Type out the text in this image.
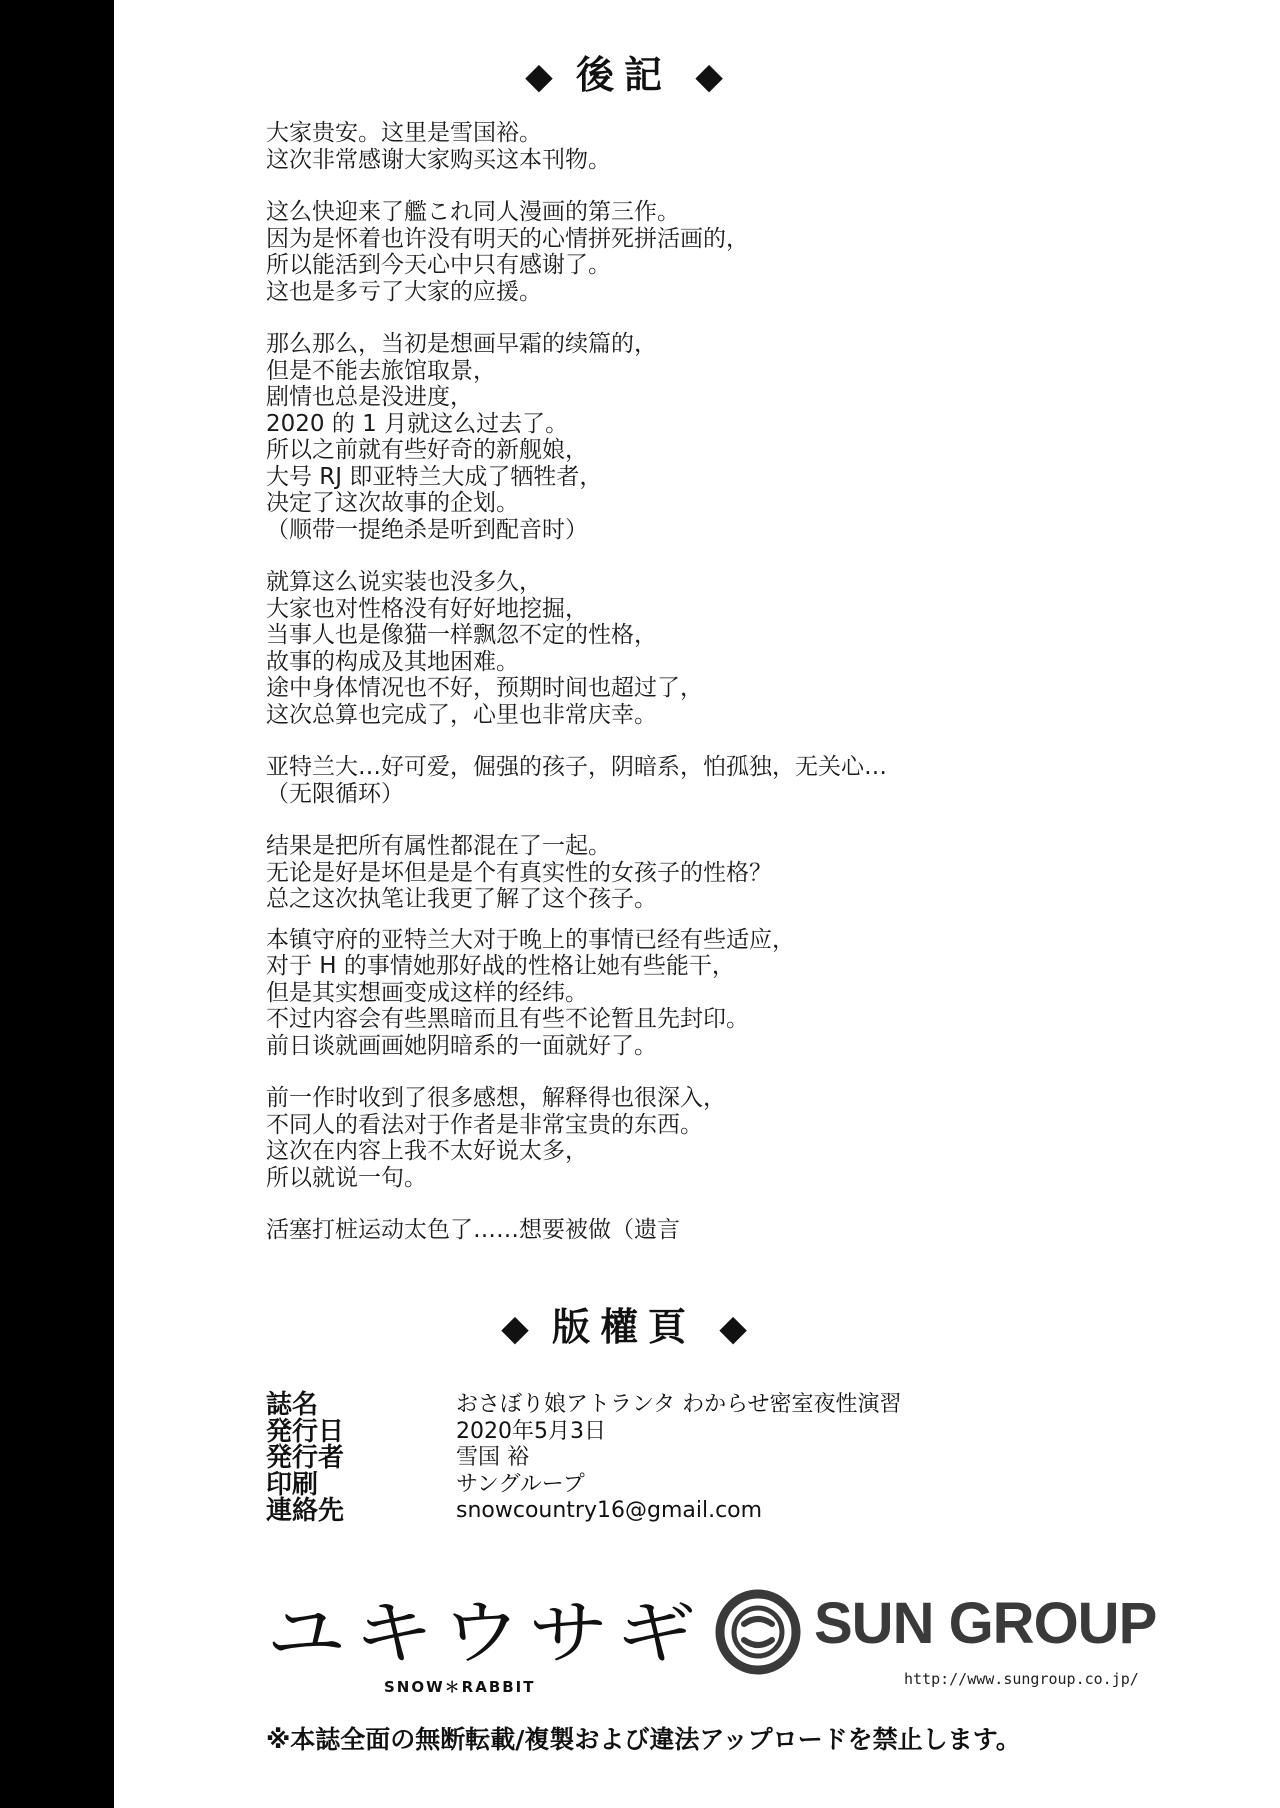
◆ 後記 ◆
大家贵安。这里是雪国裕。
这次非常感谢大家购买这本刊物。
这么快迎来了艦これ同人漫画的第三作。
因为是怀着也许没有明天的心情拼死拼活画的，
所以能活到今天心中只有感谢了。
这也是多亏了大家的应援。
那么那么，当初是想画早霜的续篇的，
但是不能去旅馆取景，
剧情也总是没进度，
2020 的 1 月就这么过去了。
所以之前就有些好奇的新舰娘，
大号 RJ 即亚特兰大成了牺牲者，
决定了这次故事的企划。
（顺带一提绝杀是听到配音时）
就算这么说实装也没多久，
大家也对性格没有好好地挖掘，
当事人也是像猫一样飘忽不定的性格，
故事的构成及其地困难。
途中身体情况也不好，预期时间也超过了，
这次总算也完成了，心里也非常庆幸。
亚特兰大…好可爱，倔强的孩子，阴暗系，怕孤独，无关心…
（无限循环）
结果是把所有属性都混在了一起。
无论是好是坏但是是个有真实性的女孩子的性格？
总之这次执笔让我更了解了这个孩子。
本镇守府的亚特兰大对于晚上的事情已经有些适应，
对于 H 的事情她那好战的性格让她有些能干，
但是其实想画变成这样的经纬。
不过内容会有些黑暗而且有些不论暂且先封印。
前日谈就画画她阴暗系的一面就好了。
前一作时收到了很多感想，解释得也很深入，
不同人的看法对于作者是非常宝贵的东西。
这次在内容上我不太好说太多，
所以就说一句。
活塞打桩运动太色了……想要被做（遗言
◆ 版權頁 ◆
誌名	おさぼり娘アトランタ わからせ密室夜性演習
発行日	2020年5月3日
発行者	雪国 裕
印刷	サングループ
連絡先	snowcountry16@gmail.com
ユキウサギ
SNOW＊RABBIT
SUN GROUP
http://www.sungroup.co.jp/
※本誌全面の無断転載/複製および違法アップロードを禁止します。
